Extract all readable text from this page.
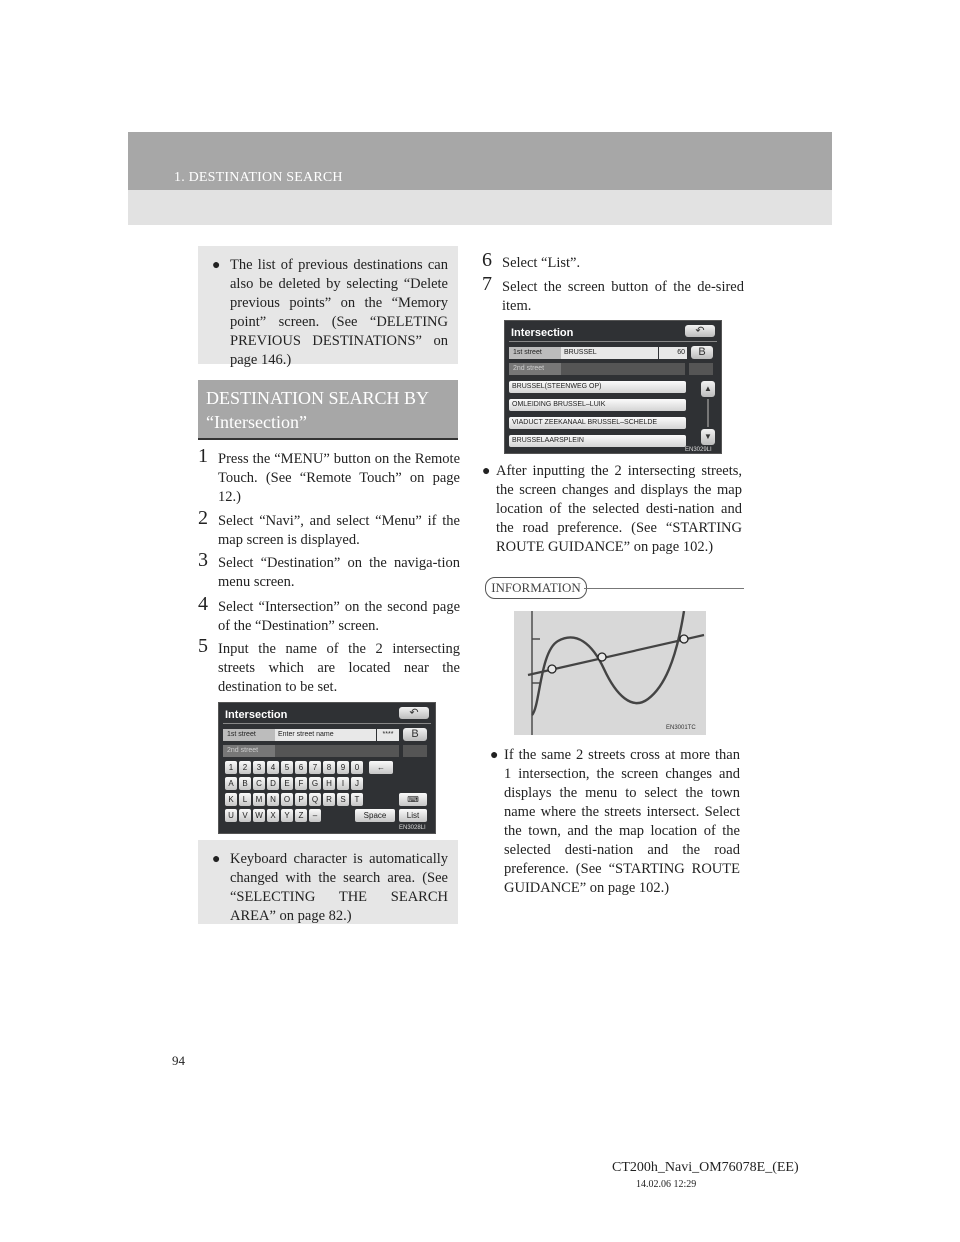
1. DESTINATION SEARCH
● The list of previous destinations can also be deleted by selecting “Delete previous points” on the “Memory point” screen. (See “DELETING PREVIOUS DESTINATIONS” on page 146.)
DESTINATION SEARCH BY
“Intersection”
1 Press the “MENU” button on the Remote Touch. (See “Remote Touch” on page 12.)
2 Select “Navi”, and select “Menu” if the map screen is displayed.
3 Select “Destination” on the naviga-tion menu screen.
4 Select “Intersection” on the second page of the “Destination” screen.
5 Input the name of the 2 intersecting streets which are located near the destination to be set.
Intersection	↶
1st street	Enter street name	****	B
2nd street
1	2	3	4	5	6	7	8	9	0
A	B	C	D	E	F	G	H	I	J
K	L	M N O	P	Q	R	S	T
U	V W X	Y	Z	–
←
⌨
Space	List
EN3028LI
● Keyboard character is automatically changed with the search area. (See “SELECTING THE SEARCH AREA” on page 82.)
6 Select “List”.
7 Select the screen button of the de-sired item.
Intersection	↶
1st street	BRUSSEL	60	B
2nd street
BRUSSEL(STEENWEG OP)
OMLEIDING BRUSSEL–LUIK
VIADUCT ZEEKANAAL BRUSSEL–SCHELDE
BRUSSELAARSPLEIN
▲
▼
EN3029LI
● After inputting the 2 intersecting streets, the screen changes and displays the map location of the selected desti-nation and the road preference. (See “STARTING ROUTE GUIDANCE” on page 102.)
INFORMATION
EN3001TC
● If the same 2 streets cross at more than 1 intersection, the screen changes and displays the menu to select the town name where the streets intersect. Select the town, and the map location of the selected desti-nation and the road preference. (See “STARTING ROUTE GUIDANCE” on page 102.)
94
CT200h_Navi_OM76078E_(EE)
14.02.06 12:29
